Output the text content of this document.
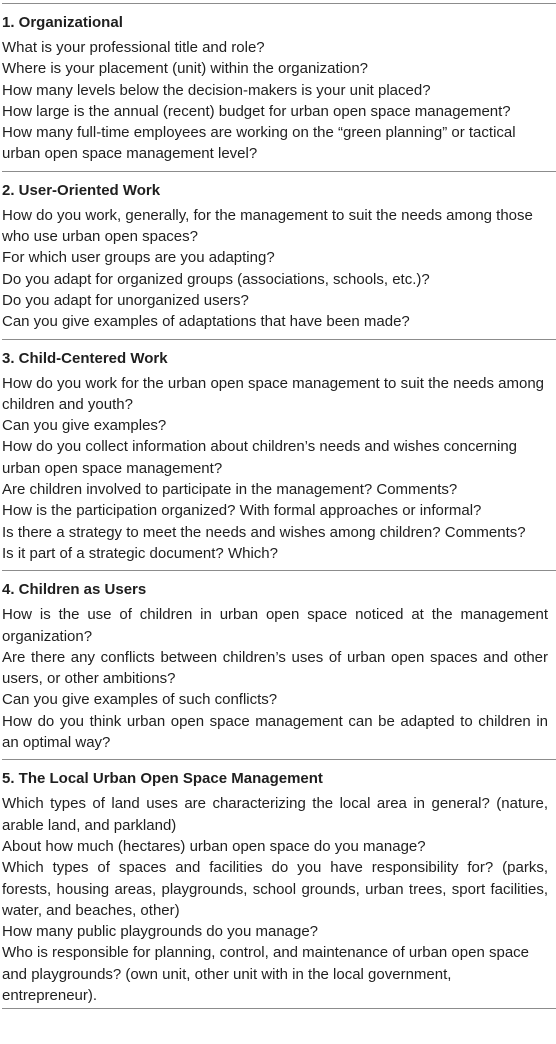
1. Organizational

What is your professional title and role?

Where is your placement (unit) within the organization?

How many levels below the decision-makers is your unit placed?

How large is the annual (recent) budget for urban open space management?

How many full-time employees are working on the “green planning” or tactical urban open space management level?

2. User-Oriented Work

How do you work, generally, for the management to suit the needs among those who use urban open spaces?

For which user groups are you adapting?

Do you adapt for organized groups (associations, schools, etc.)?

Do you adapt for unorganized users?

Can you give examples of adaptations that have been made?

3. Child-Centered Work

How do you work for the urban open space management to suit the needs among children and youth?

Can you give examples?

How do you collect information about children’s needs and wishes concerning urban open space management?

Are children involved to participate in the management? Comments?

How is the participation organized? With formal approaches or informal?

Is there a strategy to meet the needs and wishes among children? Comments?

Is it part of a strategic document? Which?

4. Children as Users

How is the use of children in urban open space noticed at the management organization?

Are there any conflicts between children’s uses of urban open spaces and other users, or other ambitions?

Can you give examples of such conflicts?

How do you think urban open space management can be adapted to children in an optimal way?

5. The Local Urban Open Space Management

Which types of land uses are characterizing the local area in general? (nature, arable land, and parkland)

About how much (hectares) urban open space do you manage?

Which types of spaces and facilities do you have responsibility for? (parks, forests, housing areas, playgrounds, school grounds, urban trees, sport facilities, water, and beaches, other)

How many public playgrounds do you manage?

Who is responsible for planning, control, and maintenance of urban open space and playgrounds? (own unit, other unit with in the local government, entrepreneur).
